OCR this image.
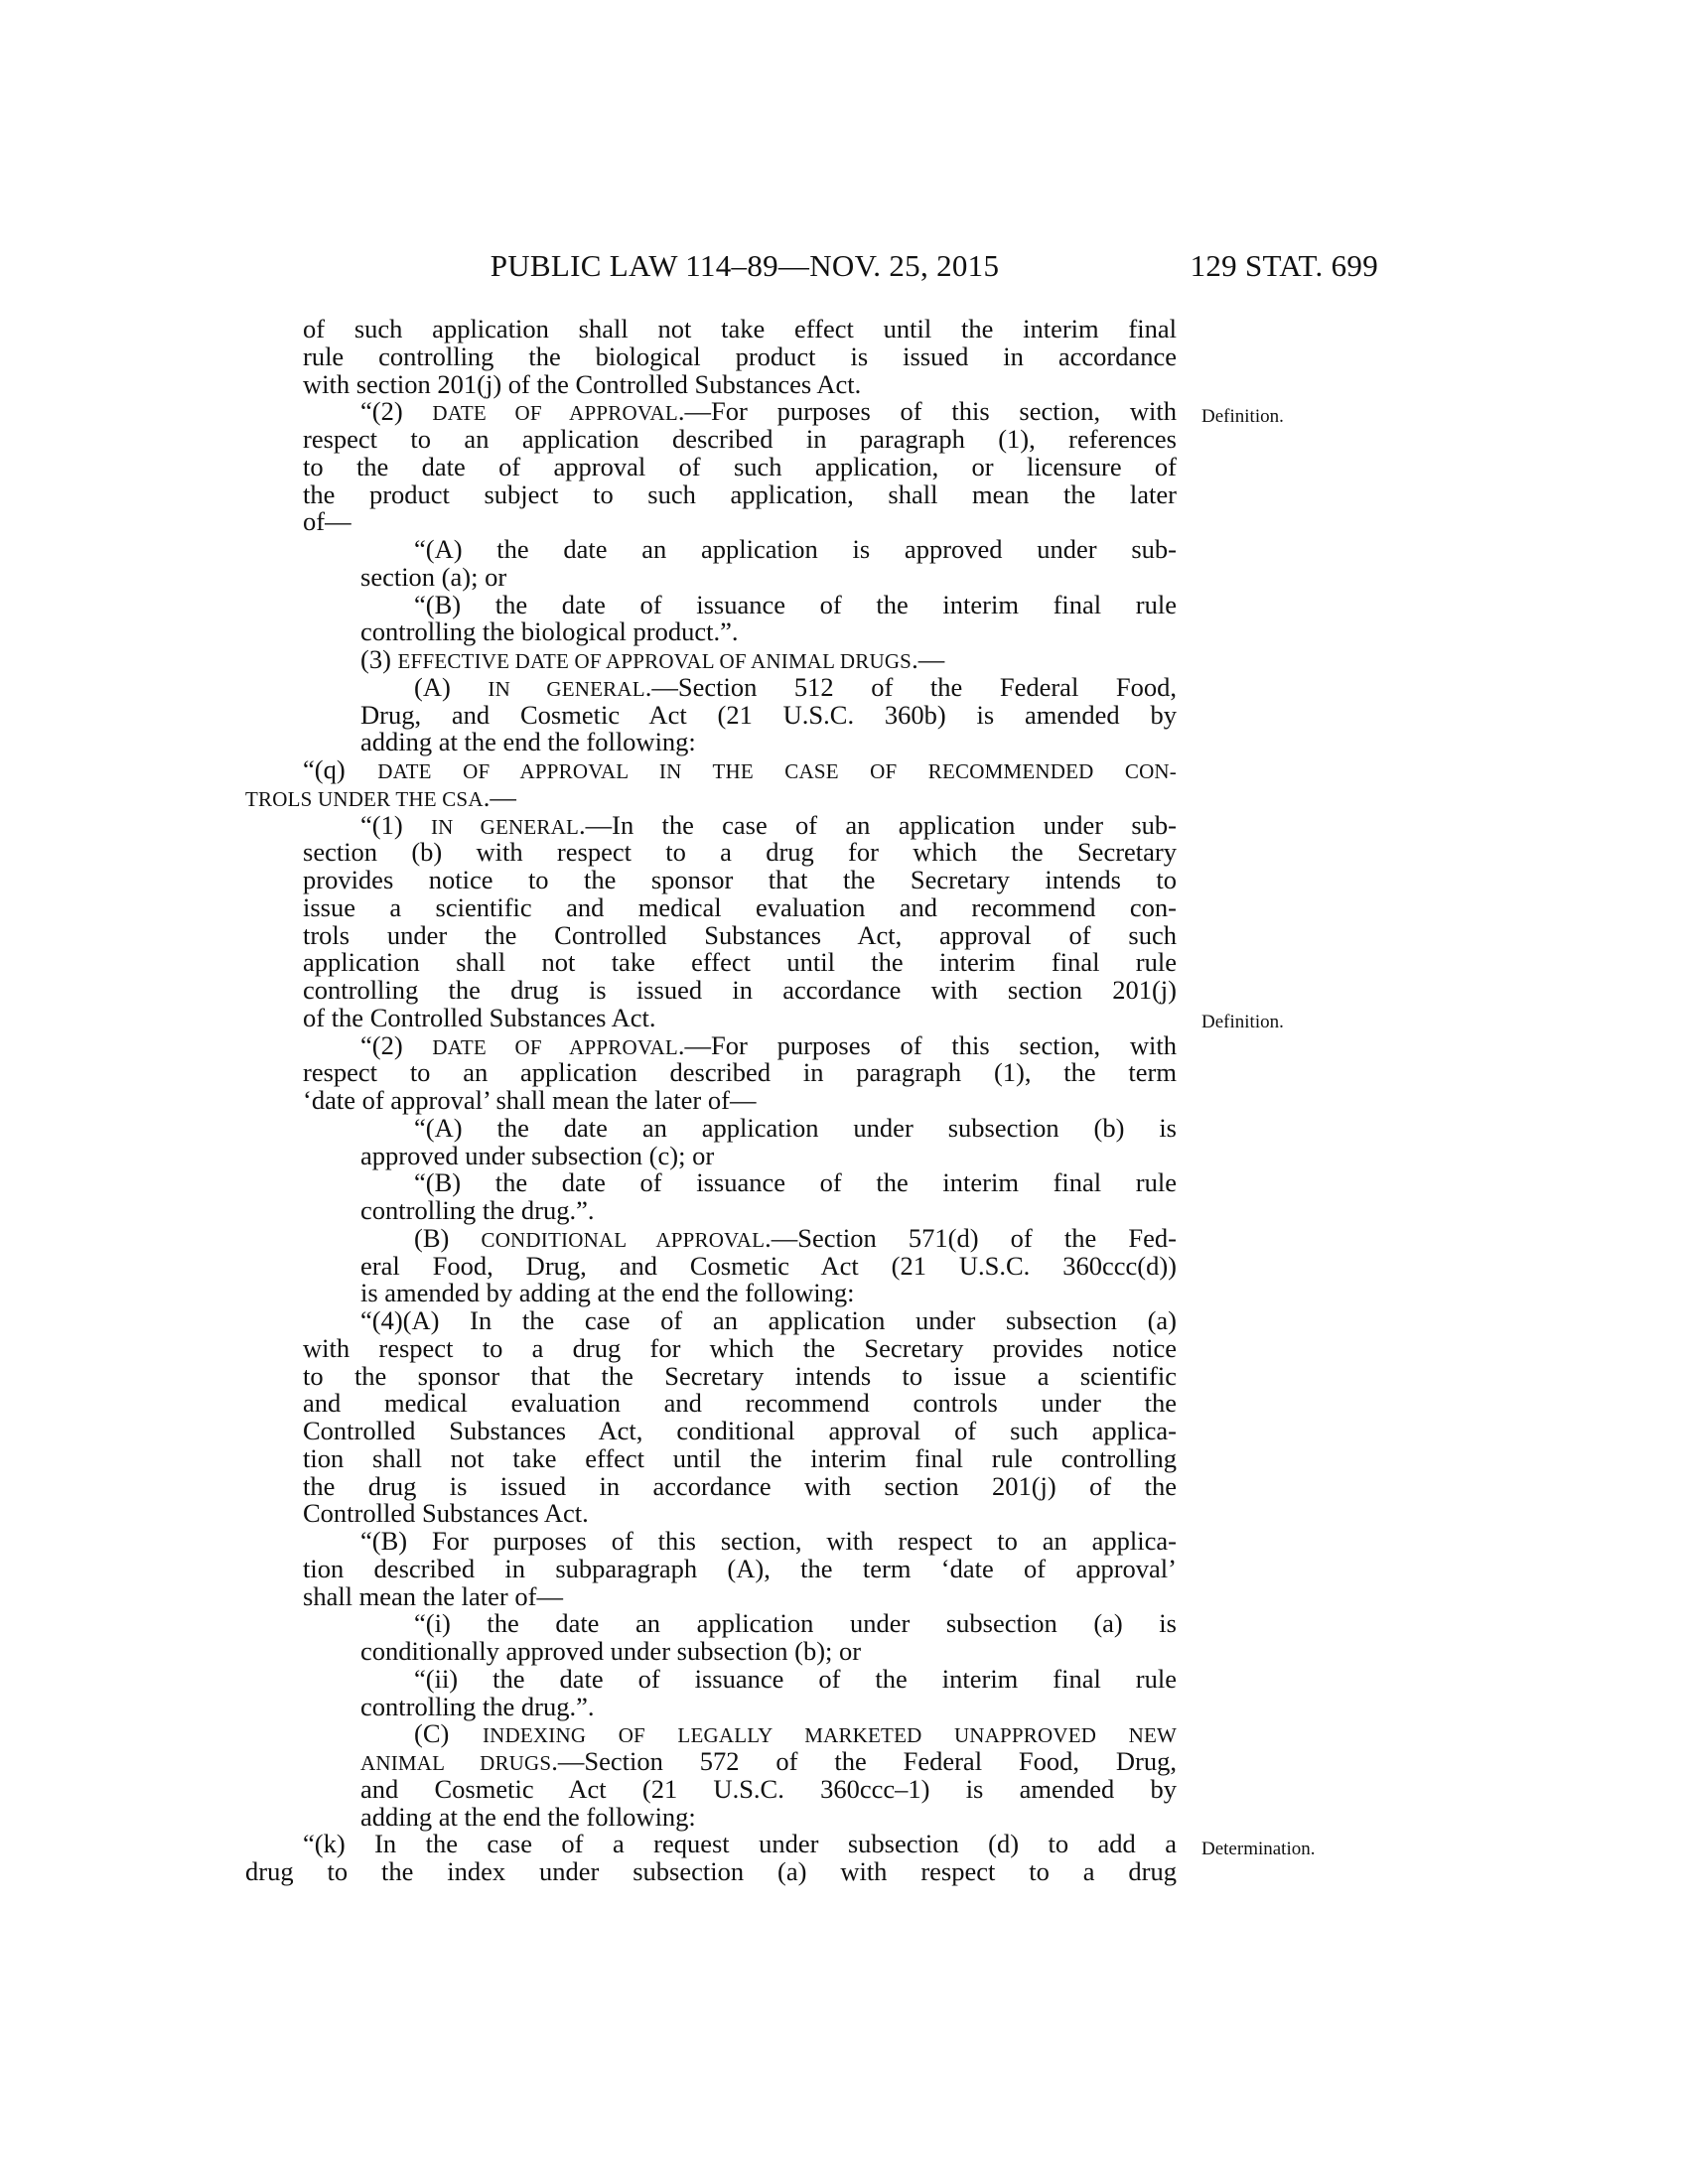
PUBLIC LAW 114–89—NOV. 25, 2015	129 STAT. 699
Definition.
Definition.
Determination.
of such application shall not take effect until the interim final
rule controlling the biological product is issued in accordance
with section 201(j) of the Controlled Substances Act.
“(2) DATE OF APPROVAL.—For purposes of this section, with
respect to an application described in paragraph (1), references
to the date of approval of such application, or licensure of
the product subject to such application, shall mean the later
of—
“(A) the date an application is approved under sub-
section (a); or
“(B) the date of issuance of the interim final rule
controlling the biological product.”.
(3) EFFECTIVE DATE OF APPROVAL OF ANIMAL DRUGS.—
(A) IN GENERAL.—Section 512 of the Federal Food,
Drug, and Cosmetic Act (21 U.S.C. 360b) is amended by
adding at the end the following:
“(q) DATE OF APPROVAL IN THE CASE OF RECOMMENDED CON-
TROLS UNDER THE CSA.—
“(1) IN GENERAL.—In the case of an application under sub-
section (b) with respect to a drug for which the Secretary
provides notice to the sponsor that the Secretary intends to
issue a scientific and medical evaluation and recommend con-
trols under the Controlled Substances Act, approval of such
application shall not take effect until the interim final rule
controlling the drug is issued in accordance with section 201(j)
of the Controlled Substances Act.
“(2) DATE OF APPROVAL.—For purposes of this section, with
respect to an application described in paragraph (1), the term
‘date of approval’ shall mean the later of—
“(A) the date an application under subsection (b) is
approved under subsection (c); or
“(B) the date of issuance of the interim final rule
controlling the drug.”.
(B) CONDITIONAL APPROVAL.—Section 571(d) of the Fed-
eral Food, Drug, and Cosmetic Act (21 U.S.C. 360ccc(d))
is amended by adding at the end the following:
“(4)(A) In the case of an application under subsection (a)
with respect to a drug for which the Secretary provides notice
to the sponsor that the Secretary intends to issue a scientific
and medical evaluation and recommend controls under the
Controlled Substances Act, conditional approval of such applica-
tion shall not take effect until the interim final rule controlling
the drug is issued in accordance with section 201(j) of the
Controlled Substances Act.
“(B) For purposes of this section, with respect to an applica-
tion described in subparagraph (A), the term ‘date of approval’
shall mean the later of—
“(i) the date an application under subsection (a) is
conditionally approved under subsection (b); or
“(ii) the date of issuance of the interim final rule
controlling the drug.”.
(C) INDEXING OF LEGALLY MARKETED UNAPPROVED NEW
ANIMAL DRUGS.—Section 572 of the Federal Food, Drug,
and Cosmetic Act (21 U.S.C. 360ccc–1) is amended by
adding at the end the following:
“(k) In the case of a request under subsection (d) to add a
drug to the index under subsection (a) with respect to a drug
